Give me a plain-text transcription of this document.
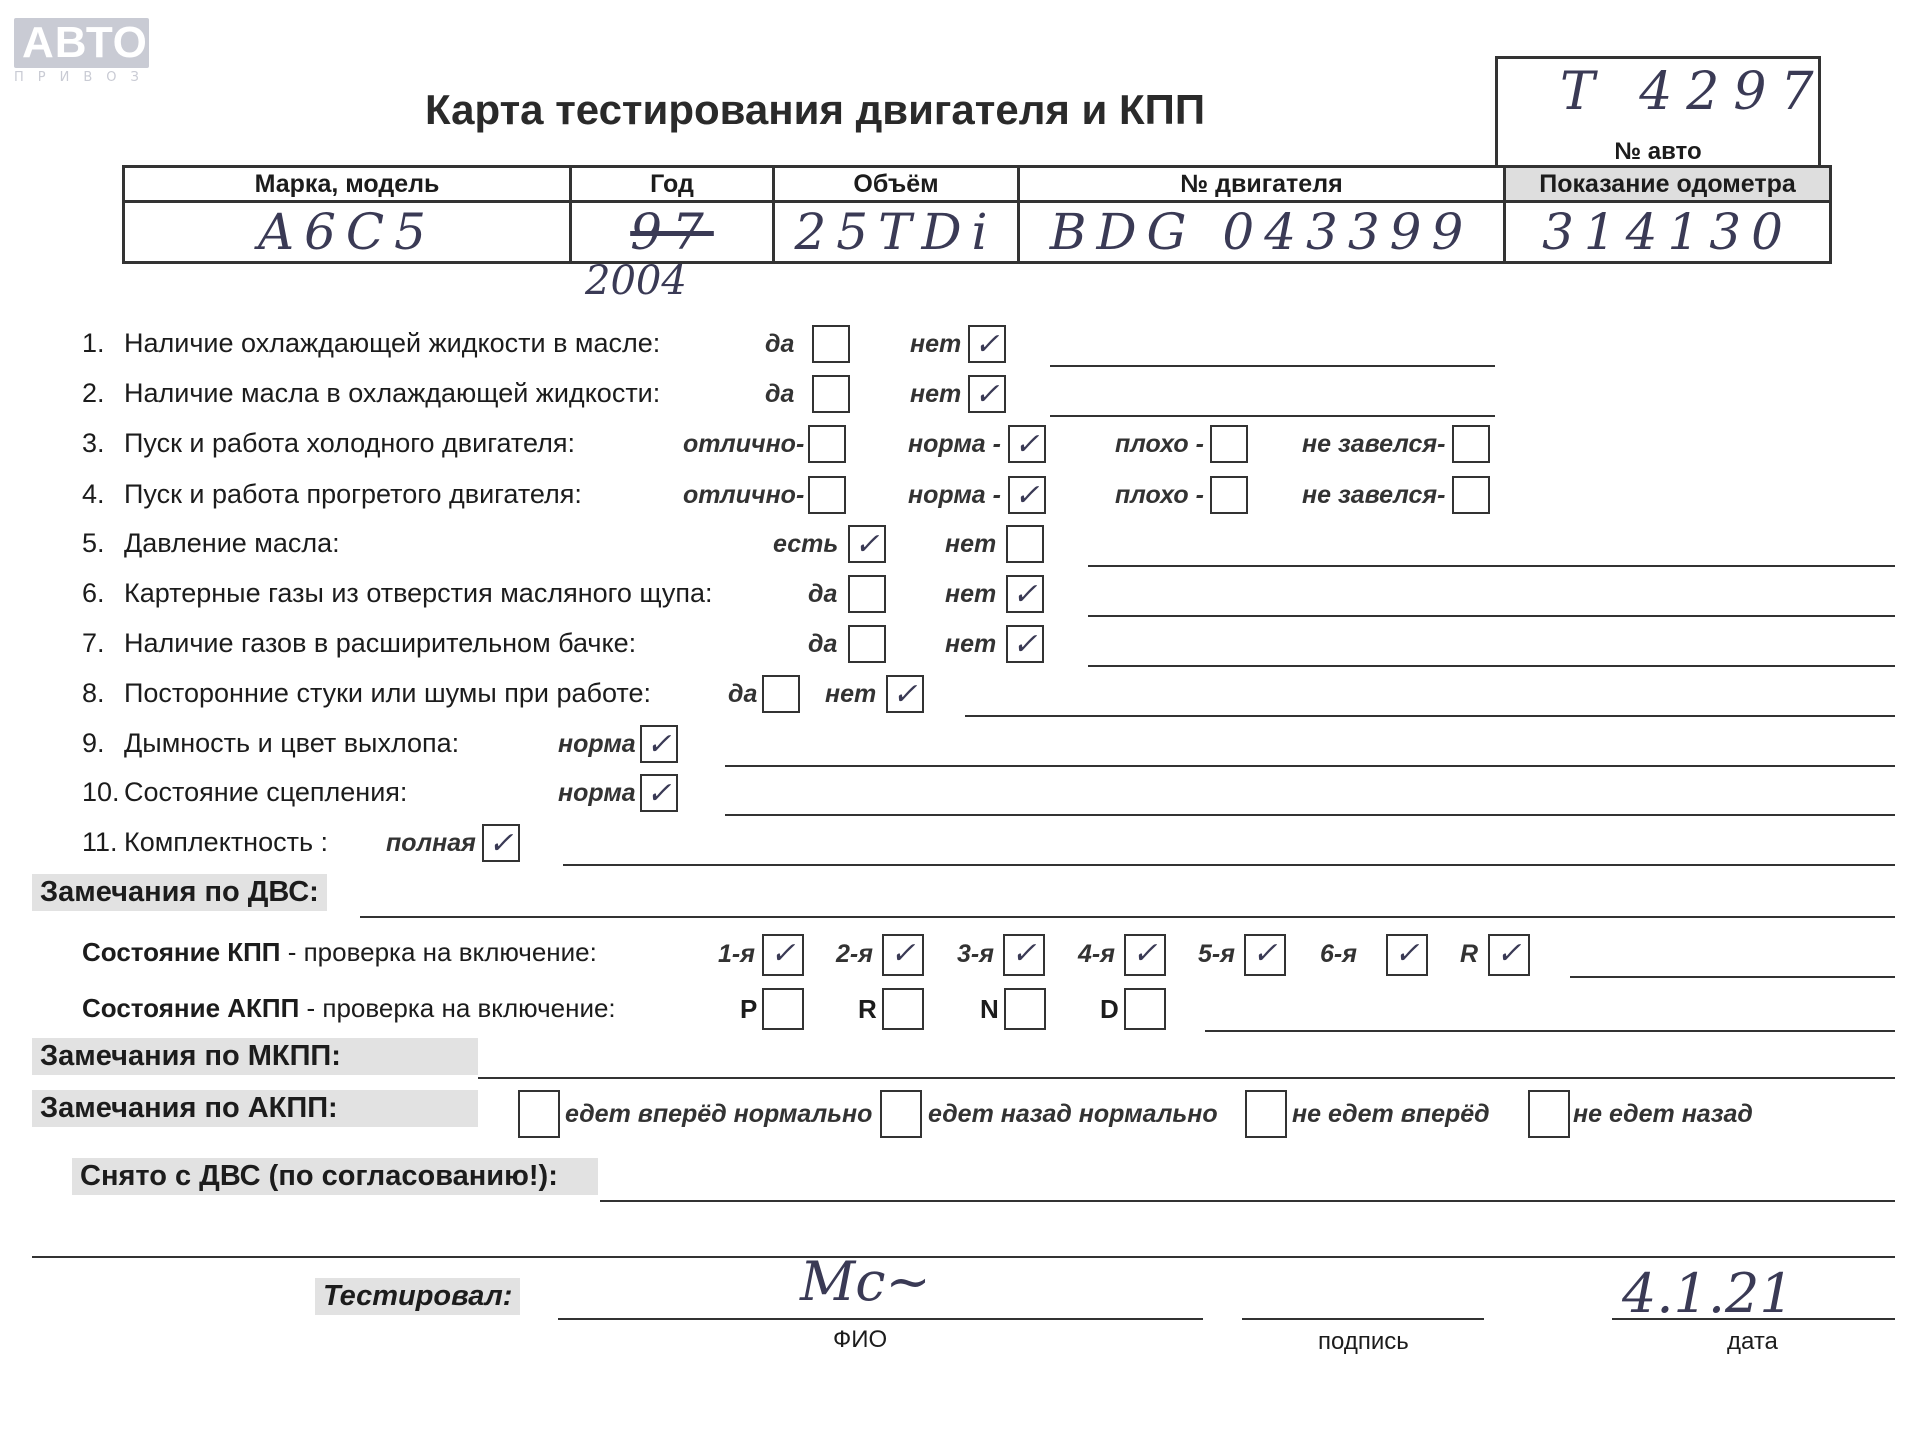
АВТО
ПРИВОЗ
Карта тестирования двигателя и КПП	Т 4297
№ авто
Марка, модель	Год	Объём	№ двигателя	Показание одометра
A6C5	97	25TDi	BDG 043399	314130
2004
1. Наличие охлаждающей жидкости в масле:	да	нет ✓
2. Наличие масла в охлаждающей жидкости:	да	нет ✓
3. Пуск и работа холодного двигателя:	отлично-	норма - ✓	плохо -	не завелся-
4. Пуск и работа прогретого двигателя:	отлично-	норма - ✓	плохо -	не завелся-
5. Давление масла:	есть ✓	нет
6. Картерные газы из отверстия масляного щупа:	да	нет ✓
7. Наличие газов в расширительном бачке:	да	нет ✓
8. Посторонние стуки или шумы при работе:	да	нет ✓
9. Дымность и цвет выхлопа:	норма ✓
10. Состояние сцепления:	норма ✓
11. Комплектность : полная ✓
Замечания по ДВС:
Состояние КПП - проверка на включение:	1-я ✓	2-я ✓	3-я ✓	4-я ✓	5-я ✓	6-я ✓	R ✓
Состояние АКПП - проверка на включение:	P	R	N	D
Замечания по МКПП:
Замечания по АКПП:	едет вперёд нормально едет назад нормально	не едет вперёд	не едет назад
Снято с ДВС (по согласованию!):
Тестировал:	Мс~
ФИО	подпись
4.1.21
дата
